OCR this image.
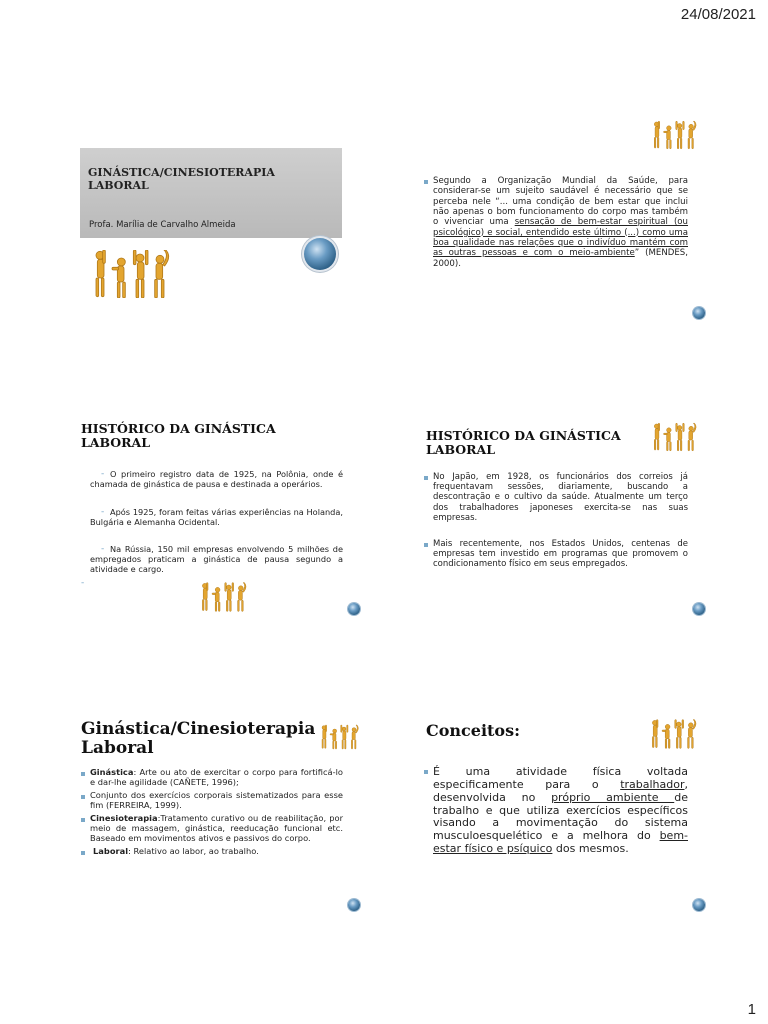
24/08/2021
GINÁSTICA/CINESIOTERAPIA LABORAL
Profa. Marília de Carvalho Almeida
Segundo a Organização Mundial da Saúde, para considerar-se um sujeito saudável é necessário que se perceba nele “... uma condição de bem estar que inclui não apenas o bom funcionamento do corpo mas também o vivenciar uma sensação de bem-estar espiritual (ou psicológico) e social, entendido este último (...) como uma boa qualidade nas relações que o indivíduo mantém com as outras pessoas e com o meio-ambiente” (MENDES, 2000).
HISTÓRICO DA GINÁSTICA LABORAL
- O primeiro registro data de 1925, na Polônia, onde é chamada de ginástica de pausa e destinada a operários.
- Após 1925, foram feitas várias experiências na Holanda, Bulgária e Alemanha Ocidental.
- Na Rússia, 150 mil empresas envolvendo 5 milhões de empregados praticam a ginástica de pausa segundo a atividade e cargo.
-
HISTÓRICO DA GINÁSTICA LABORAL
No Japão, em 1928, os funcionários dos correios já frequentavam sessões, diariamente, buscando a descontração e o cultivo da saúde. Atualmente um terço dos trabalhadores japoneses exercita-se nas suas empresas.
Mais recentemente, nos Estados Unidos, centenas de empresas tem investido em programas que promovem o condicionamento físico em seus empregados.
Ginástica/Cinesioterapia Laboral
Ginástica: Arte ou ato de exercitar o corpo para fortificá-lo e dar-lhe agilidade (CAÑETE, 1996);
Conjunto dos exercícios corporais sistematizados para esse fim (FERREIRA, 1999).
Cinesioterapia:Tratamento curativo ou de reabilitação, por meio de massagem, ginástica, reeducação funcional etc. Baseado em movimentos ativos e passivos do corpo.
Laboral: Relativo ao labor, ao trabalho.
Conceitos:
É uma atividade física voltada especificamente para o trabalhador, desenvolvida no próprio ambiente de trabalho e que utiliza exercícios específicos visando a movimentação do sistema musculoesquelético e a melhora do bem-estar físico e psíquico dos mesmos.
1
